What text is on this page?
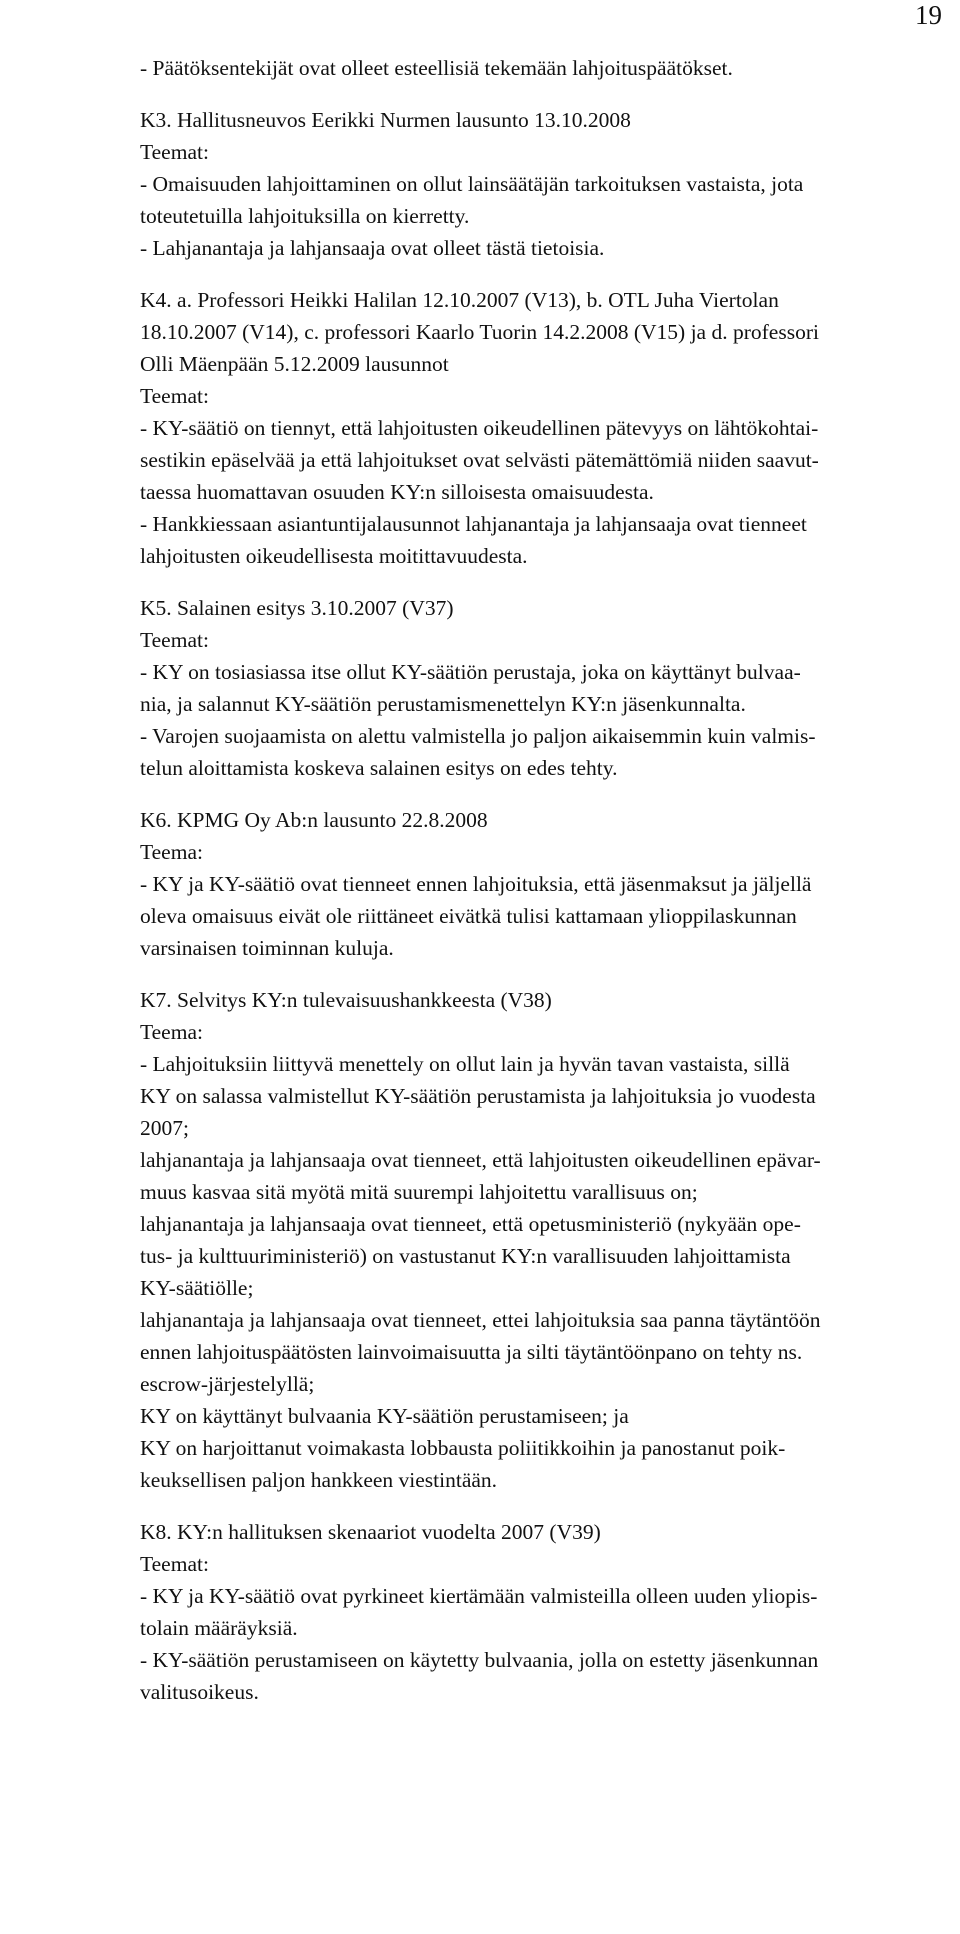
19
- Päätöksentekijät ovat olleet esteellisiä tekemään lahjoituspäätökset.
K3. Hallitusneuvos Eerikki Nurmen lausunto 13.10.2008
Teemat:
- Omaisuuden lahjoittaminen on ollut lainsäätäjän tarkoituksen vastaista, jota
toteutetuilla lahjoituksilla on kierretty.
- Lahjanantaja ja lahjansaaja ovat olleet tästä tietoisia.
K4. a. Professori Heikki Halilan 12.10.2007 (V13), b. OTL Juha Viertolan
18.10.2007 (V14), c. professori Kaarlo Tuorin 14.2.2008 (V15) ja d. professori
Olli Mäenpään 5.12.2009 lausunnot
Teemat:
- KY-säätiö on tiennyt, että lahjoitusten oikeudellinen pätevyys on lähtökohtai-
sestikin epäselvää ja että lahjoitukset ovat selvästi pätemättömiä niiden saavut-
taessa huomattavan osuuden KY:n silloisesta omaisuudesta.
- Hankkiessaan asiantuntijalausunnot lahjanantaja ja lahjansaaja ovat tienneet
lahjoitusten oikeudellisesta moitittavuudesta.
K5. Salainen esitys 3.10.2007 (V37)
Teemat:
- KY on tosiasiassa itse ollut KY-säätiön perustaja, joka on käyttänyt bulvaa-
nia, ja salannut KY-säätiön perustamismenettelyn KY:n jäsenkunnalta.
- Varojen suojaamista on alettu valmistella jo paljon aikaisemmin kuin valmis-
telun aloittamista koskeva salainen esitys on edes tehty.
K6. KPMG Oy Ab:n lausunto 22.8.2008
Teema:
- KY ja KY-säätiö ovat tienneet ennen lahjoituksia, että jäsenmaksut ja jäljellä
oleva omaisuus eivät ole riittäneet eivätkä tulisi kattamaan ylioppilaskunnan
varsinaisen toiminnan kuluja.
K7. Selvitys KY:n tulevaisuushankkeesta (V38)
Teema:
- Lahjoituksiin liittyvä menettely on ollut lain ja hyvän tavan vastaista, sillä
KY on salassa valmistellut KY-säätiön perustamista ja lahjoituksia jo vuodesta
2007;
lahjanantaja ja lahjansaaja ovat tienneet, että lahjoitusten oikeudellinen epävar-
muus kasvaa sitä myötä mitä suurempi lahjoitettu varallisuus on;
lahjanantaja ja lahjansaaja ovat tienneet, että opetusministeriö (nykyään ope-
tus- ja kulttuuriministeriö) on vastustanut KY:n varallisuuden lahjoittamista
KY-säätiölle;
lahjanantaja ja lahjansaaja ovat tienneet, ettei lahjoituksia saa panna täytäntöön
ennen lahjoituspäätösten lainvoimaisuutta ja silti täytäntöönpano on tehty ns.
escrow-järjestelyllä;
KY on käyttänyt bulvaania KY-säätiön perustamiseen; ja
KY on harjoittanut voimakasta lobbausta poliitikkoihin ja panostanut poik-
keuksellisen paljon hankkeen viestintään.
K8. KY:n hallituksen skenaariot vuodelta 2007 (V39)
Teemat:
- KY ja KY-säätiö ovat pyrkineet kiertämään valmisteilla olleen uuden yliopis-
tolain määräyksiä.
- KY-säätiön perustamiseen on käytetty bulvaania, jolla on estetty jäsenkunnan
valitusoikeus.
